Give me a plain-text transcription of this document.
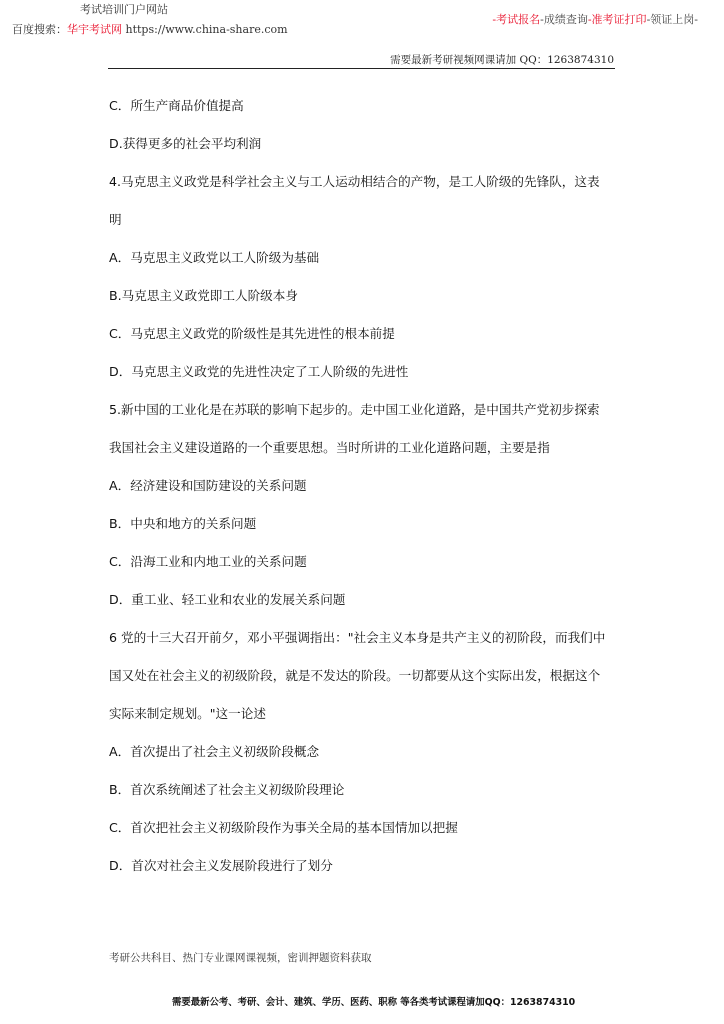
考试培训门户网站
百度搜索：华宇考试网 https://www.china-share.com
-考试报名-成绩查询-准考证打印-领证上岗-
需要最新考研视频网课请加 QQ：1263874310
C．所生产商品价值提高
D.获得更多的社会平均利润
4.马克思主义政党是科学社会主义与工人运动相结合的产物，是工人阶级的先锋队，这表
明
A．马克思主义政党以工人阶级为基础
B.马克思主义政党即工人阶级本身
C．马克思主义政党的阶级性是其先进性的根本前提
D．马克思主义政党的先进性决定了工人阶级的先进性
5.新中国的工业化是在苏联的影响下起步的。走中国工业化道路，是中国共产党初步探索
我国社会主义建设道路的一个重要思想。当时所讲的工业化道路问题，主要是指
A．经济建设和国防建设的关系问题
B．中央和地方的关系问题
C．沿海工业和内地工业的关系问题
D．重工业、轻工业和农业的发展关系问题
6 党的十三大召开前夕，邓小平强调指出："社会主义本身是共产主义的初阶段，而我们中
国又处在社会主义的初级阶段，就是不发达的阶段。一切都要从这个实际出发，根据这个
实际来制定规划。"这一论述
A．首次提出了社会主义初级阶段概念
B．首次系统阐述了社会主义初级阶段理论
C．首次把社会主义初级阶段作为事关全局的基本国情加以把握
D．首次对社会主义发展阶段进行了划分
考研公共科目、热门专业课网课视频，密训押题资料获取
需要最新公考、考研、会计、建筑、学历、医药、职称 等各类考试课程请加QQ：1263874310
